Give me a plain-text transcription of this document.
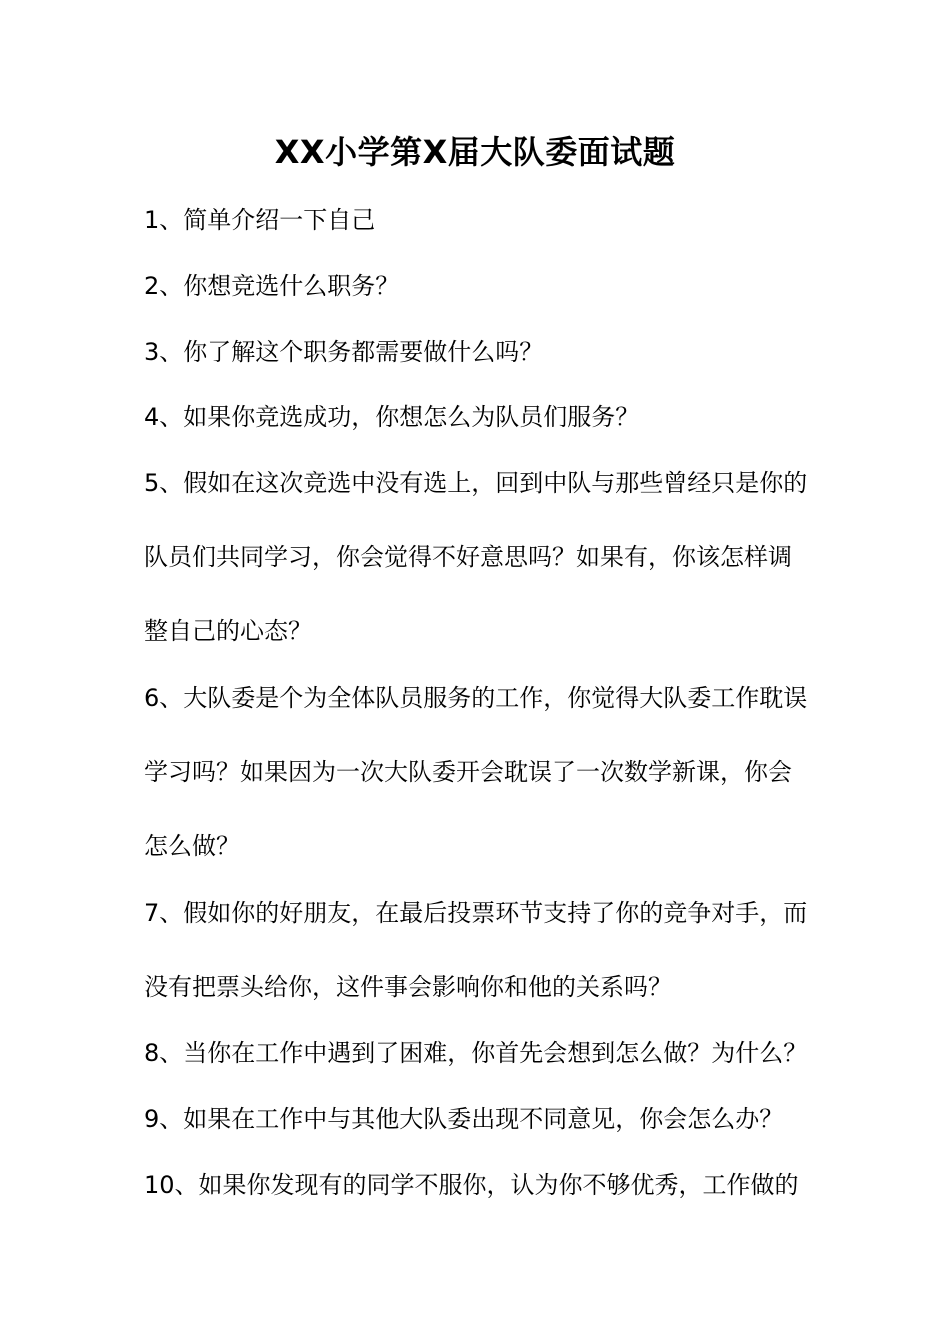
XX小学第X届大队委面试题
1、简单介绍一下自己
2、你想竞选什么职务？
3、你了解这个职务都需要做什么吗？
4、如果你竞选成功，你想怎么为队员们服务？
5、假如在这次竞选中没有选上，回到中队与那些曾经只是你的
队员们共同学习，你会觉得不好意思吗？如果有，你该怎样调
整自己的心态？
6、大队委是个为全体队员服务的工作，你觉得大队委工作耽误
学习吗？如果因为一次大队委开会耽误了一次数学新课，你会
怎么做？
7、假如你的好朋友，在最后投票环节支持了你的竞争对手，而
没有把票头给你，这件事会影响你和他的关系吗？
8、当你在工作中遇到了困难，你首先会想到怎么做？为什么？
9、如果在工作中与其他大队委出现不同意见，你会怎么办？
10、如果你发现有的同学不服你，认为你不够优秀，工作做的
